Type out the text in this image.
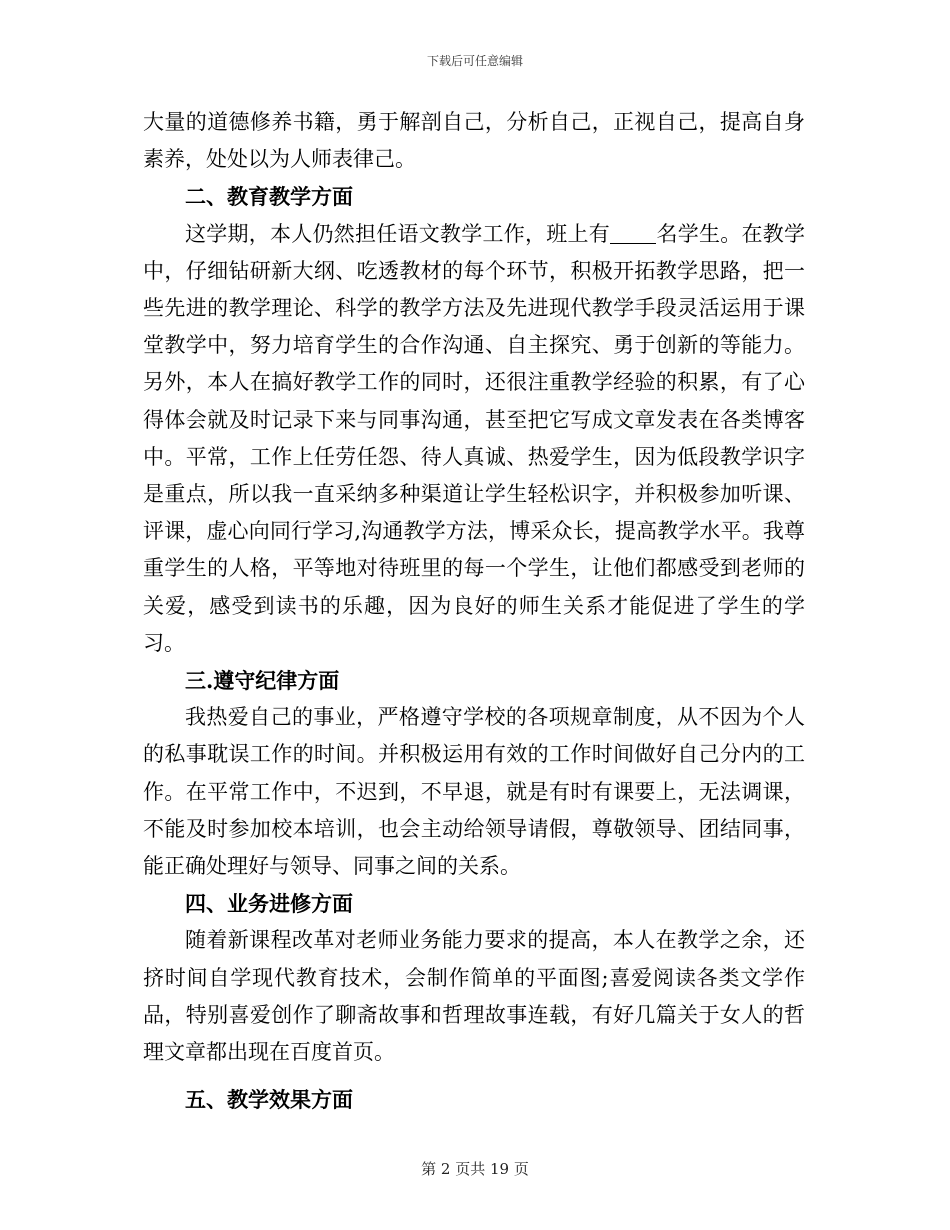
下载后可任意编辑

大量的道德修养书籍，勇于解剖自己，分析自己，正视自己，提高自身素养，处处以为人师表律己。

二、教育教学方面

这学期，本人仍然担任语文教学工作，班上有 名学生。在教学中，仔细钻研新大纲、吃透教材的每个环节，积极开拓教学思路，把一些先进的教学理论、科学的教学方法及先进现代教学手段灵活运用于课堂教学中，努力培育学生的合作沟通、自主探究、勇于创新的等能力。另外，本人在搞好教学工作的同时，还很注重教学经验的积累，有了心得体会就及时记录下来与同事沟通，甚至把它写成文章发表在各类博客中。平常，工作上任劳任怨、待人真诚、热爱学生，因为低段教学识字是重点，所以我一直采纳多种渠道让学生轻松识字，并积极参加听课、评课，虚心向同行学习,沟通教学方法，博采众长，提高教学水平。我尊重学生的人格，平等地对待班里的每一个学生，让他们都感受到老师的关爱，感受到读书的乐趣，因为良好的师生关系才能促进了学生的学习。

三.遵守纪律方面

我热爱自己的事业，严格遵守学校的各项规章制度，从不因为个人的私事耽误工作的时间。并积极运用有效的工作时间做好自己分内的工作。在平常工作中，不迟到，不早退，就是有时有课要上，无法调课，不能及时参加校本培训，也会主动给领导请假，尊敬领导、团结同事，能正确处理好与领导、同事之间的关系。

四、业务进修方面

随着新课程改革对老师业务能力要求的提高，本人在教学之余，还挤时间自学现代教育技术，会制作简单的平面图;喜爱阅读各类文学作品，特别喜爱创作了聊斋故事和哲理故事连载，有好几篇关于女人的哲理文章都出现在百度首页。

五、教学效果方面

第 2 页共 19 页
